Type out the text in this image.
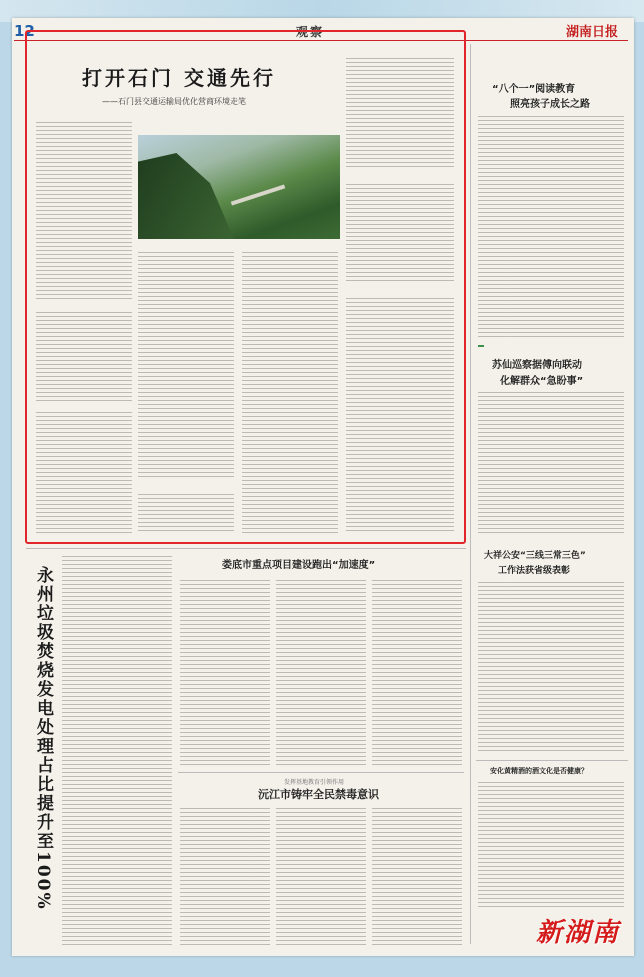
12	观察	湖南日报
打开石门 交通先行
——石门县交通运输局优化营商环境走笔
“八个一”阅读教育
照亮孩子成长之路
苏仙巡察据傅向联动
化解群众“急盼事”
大祥公安“三线三常三色”
工作法获省级表彰
安化黄精酒的酒文化是否健康？
永州垃圾焚烧发电处理占比提升至100%
娄底市重点项目建设跑出“加速度”
发挥基地教育引领作用
沅江市铸牢全民禁毒意识
新湖南
